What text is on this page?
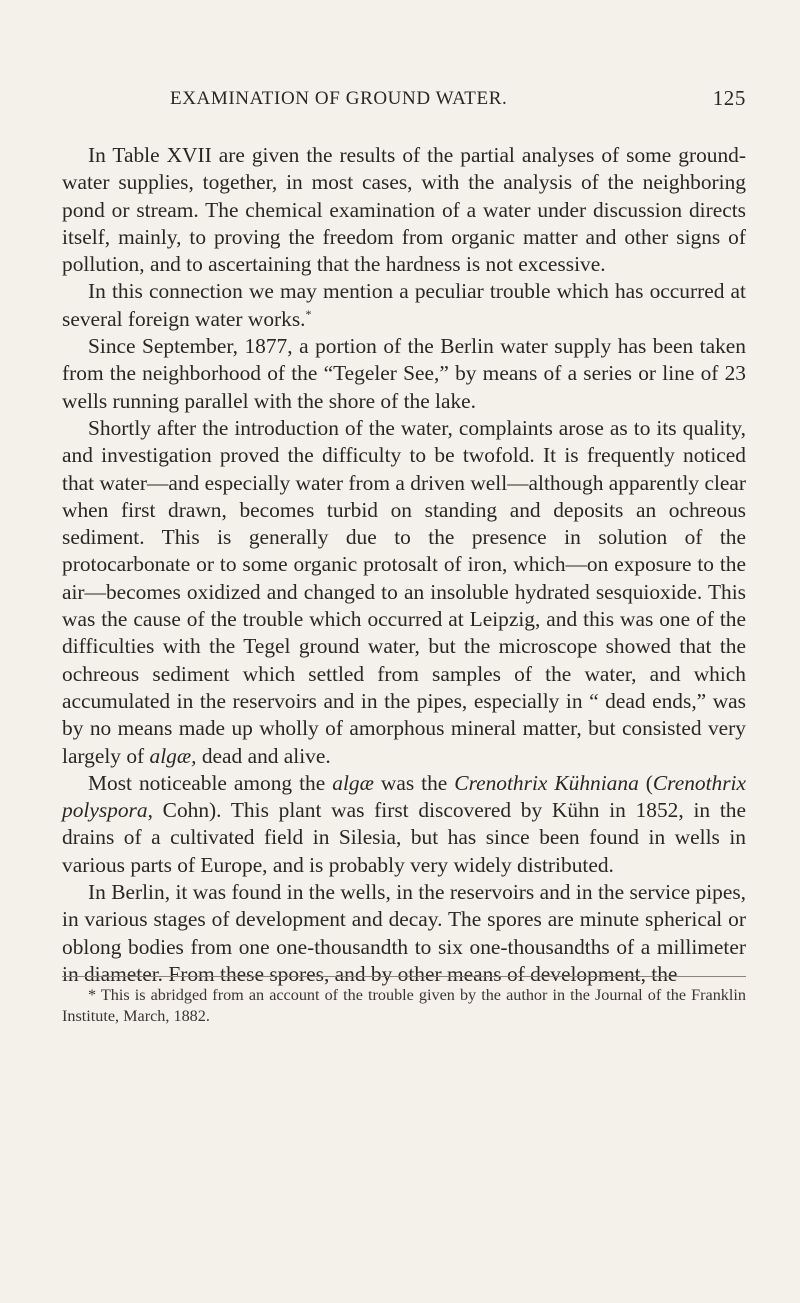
EXAMINATION OF GROUND WATER.	125

In Table XVII are given the results of the partial analyses of some ground-water supplies, together, in most cases, with the analysis of the neighboring pond or stream. The chemical examination of a water under discussion directs itself, mainly, to proving the freedom from organic matter and other signs of pollution, and to ascertaining that the hardness is not excessive.

In this connection we may mention a peculiar trouble which has occurred at several foreign water works.*

Since September, 1877, a portion of the Berlin water supply has been taken from the neighborhood of the “Tegeler See,” by means of a series or line of 23 wells running parallel with the shore of the lake.

Shortly after the introduction of the water, complaints arose as to its quality, and investigation proved the difficulty to be twofold. It is frequently noticed that water—and especially water from a driven well—although apparently clear when first drawn, becomes turbid on standing and deposits an ochreous sediment. This is generally due to the presence in solution of the protocarbonate or to some organic protosalt of iron, which—on exposure to the air—becomes oxidized and changed to an insoluble hydrated sesquioxide. This was the cause of the trouble which occurred at Leipzig, and this was one of the difficulties with the Tegel ground water, but the microscope showed that the ochreous sediment which settled from samples of the water, and which accumulated in the reservoirs and in the pipes, especially in “ dead ends,” was by no means made up wholly of amorphous mineral matter, but consisted very largely of algæ, dead and alive.

Most noticeable among the algæ was the Crenothrix Kühniana (Crenothrix polyspora, Cohn). This plant was first discovered by Kühn in 1852, in the drains of a cultivated field in Silesia, but has since been found in wells in various parts of Europe, and is probably very widely distributed.

In Berlin, it was found in the wells, in the reservoirs and in the service pipes, in various stages of development and decay. The spores are minute spherical or oblong bodies from one one-thousandth to six one-thousandths of a millimeter in diameter. From these spores, and by other means of development, the

* This is abridged from an account of the trouble given by the author in the Journal of the Franklin Institute, March, 1882.
